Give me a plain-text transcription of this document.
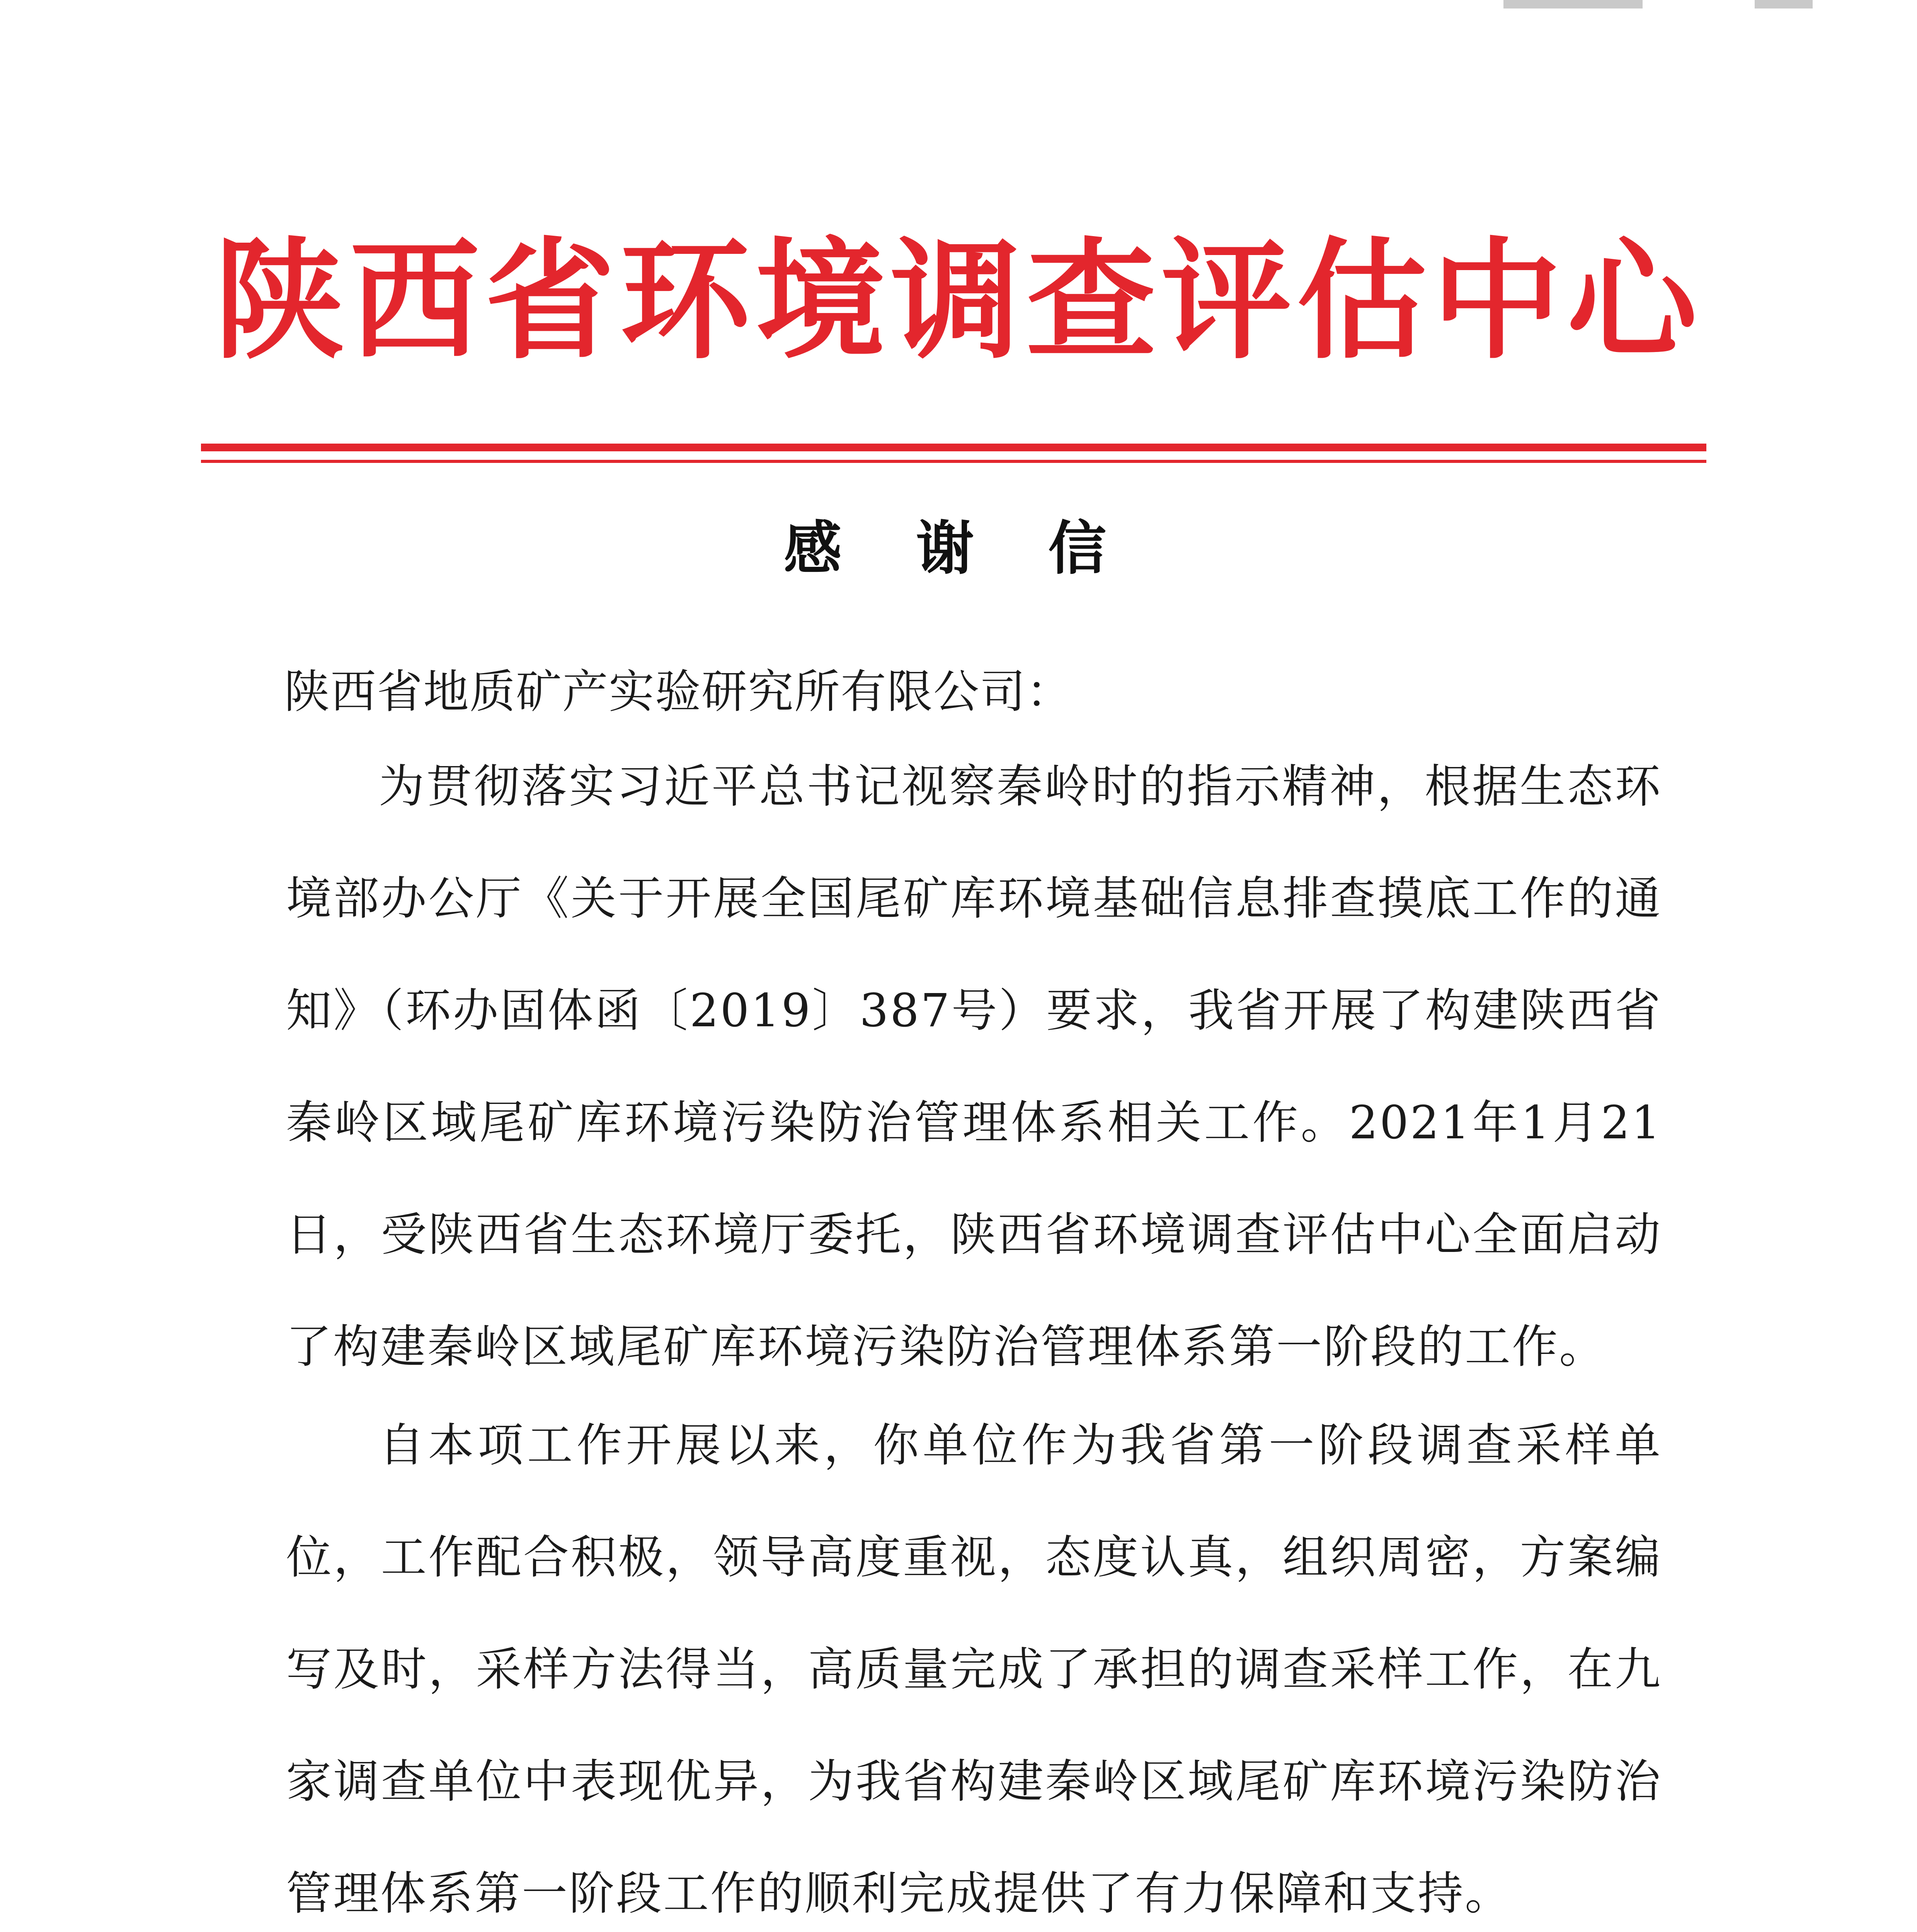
陕西省环境调查评估中心
感 谢 信
陕西省地质矿产实验研究所有限公司：
为贯彻落实习近平总书记视察秦岭时的指示精神，根据生态环境部办公厅《关于开展全国尾矿库环境基础信息排查摸底工作的通知》（环办固体函〔2019〕387号）要求，我省开展了构建陕西省秦岭区域尾矿库环境污染防治管理体系相关工作。2021年1月21日，受陕西省生态环境厅委托，陕西省环境调查评估中心全面启动了构建秦岭区域尾矿库环境污染防治管理体系第一阶段的工作。
自本项工作开展以来，你单位作为我省第一阶段调查采样单位，工作配合积极，领导高度重视，态度认真，组织周密，方案编写及时，采样方法得当，高质量完成了承担的调查采样工作，在九家调查单位中表现优异，为我省构建秦岭区域尾矿库环境污染防治管理体系第一阶段工作的顺利完成提供了有力保障和支持。
